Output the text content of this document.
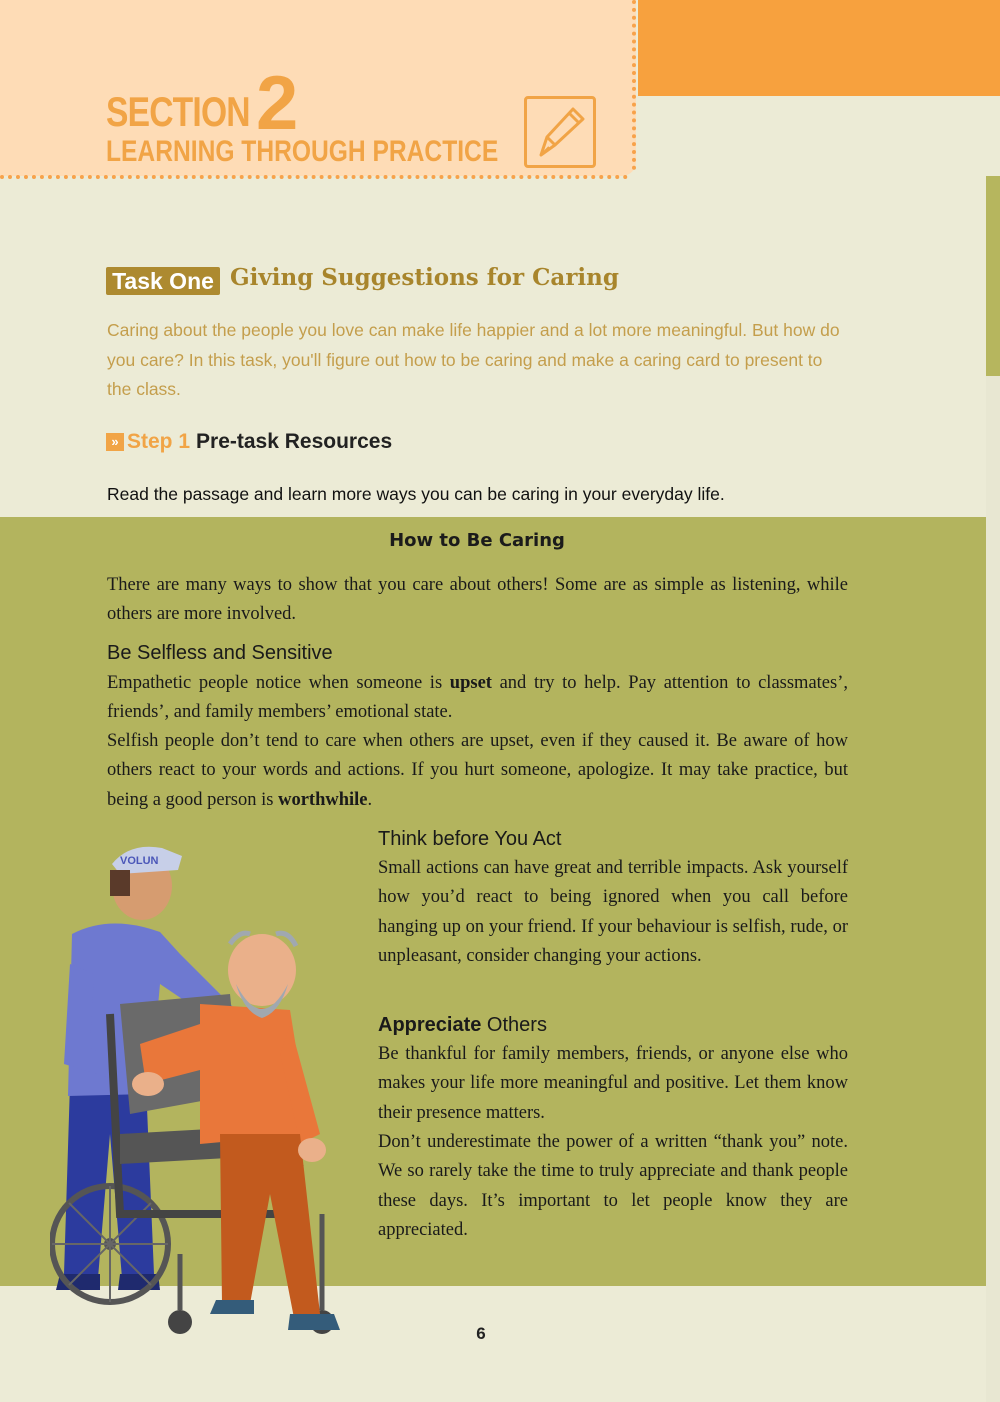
SECTION 2
LEARNING THROUGH PRACTICE
Task One Giving Suggestions for Caring

Caring about the people you love can make life happier and a lot more meaningful. But how do you care? In this task, you'll figure out how to be caring and make a caring card to present to the class.

» Step 1 Pre-task Resources
Read the passage and learn more ways you can be caring in your everyday life.
How to Be Caring

There are many ways to show that you care about others! Some are as simple as listening, while others are more involved.

Be Selfless and Sensitive

Empathetic people notice when someone is upset and try to help. Pay attention to classmates’, friends’, and family members’ emotional state.

Selfish people don’t tend to care when others are upset, even if they caused it. Be aware of how others react to your words and actions. If you hurt someone, apologize. It may take practice, but being a good person is worthwhile.

Think before You Act

Small actions can have great and terrible impacts. Ask yourself how you’d react to being ignored when you call before hanging up on your friend. If your behaviour is selfish, rude, or unpleasant, consider changing your actions.

Appreciate Others

Be thankful for family members, friends, or anyone else who makes your life more meaningful and positive. Let them know their presence matters.

Don’t underestimate the power of a written “thank you” note. We so rarely take the time to truly appreciate and thank people these days. It’s important to let people know they are appreciated.

VOLUN
6
